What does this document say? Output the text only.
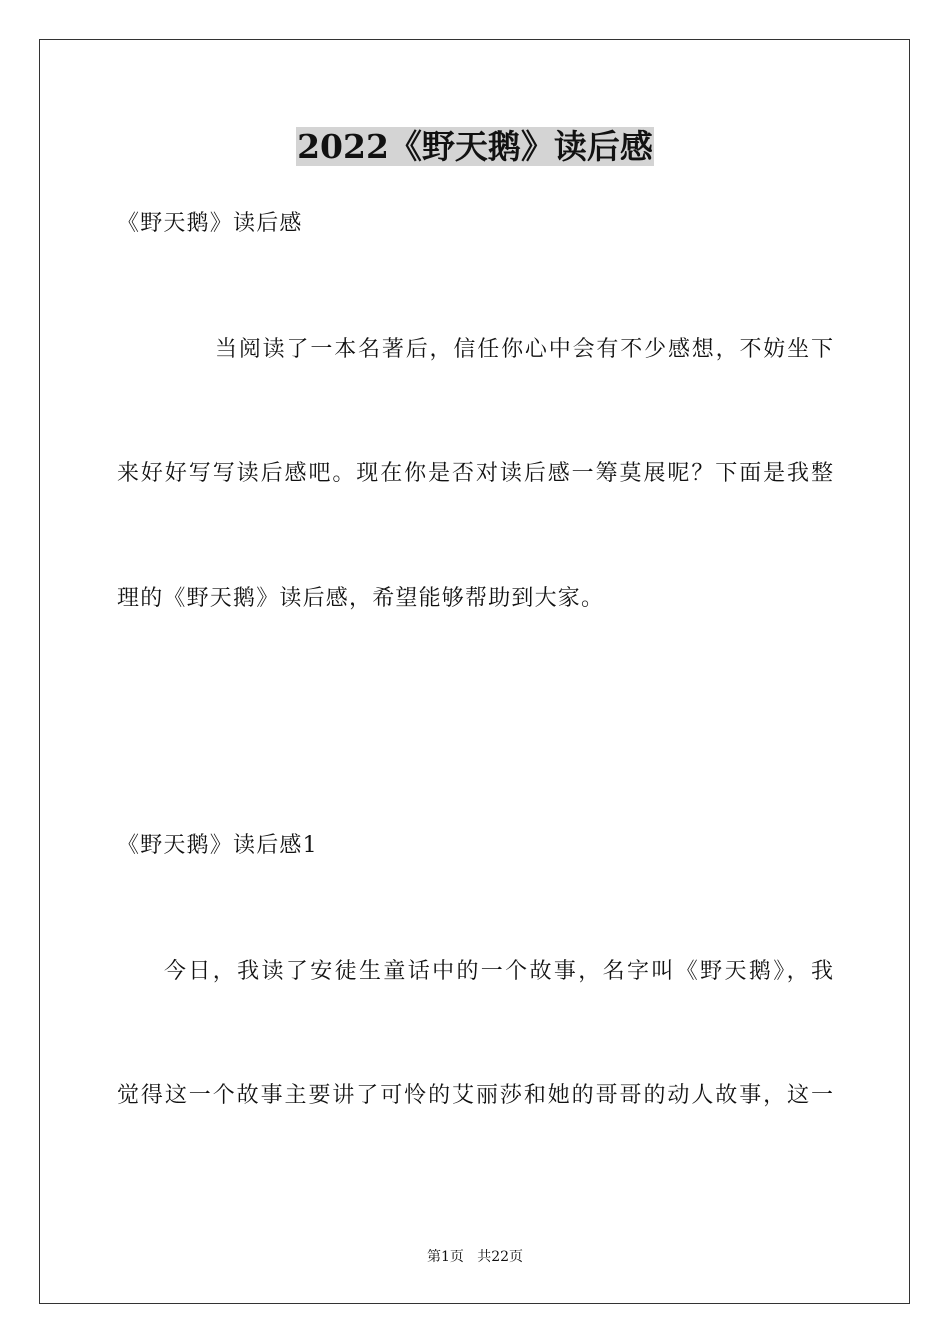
2022《野天鹅》读后感
《野天鹅》读后感
当阅读了一本名著后，信任你心中会有不少感想，不妨坐下
来好好写写读后感吧。现在你是否对读后感一筹莫展呢？下面是我整
理的《野天鹅》读后感，希望能够帮助到大家。
《野天鹅》读后感1
今日，我读了安徒生童话中的一个故事，名字叫《野天鹅》，我
觉得这一个故事主要讲了可怜的艾丽莎和她的哥哥的动人故事，这一
第1页   共22页
